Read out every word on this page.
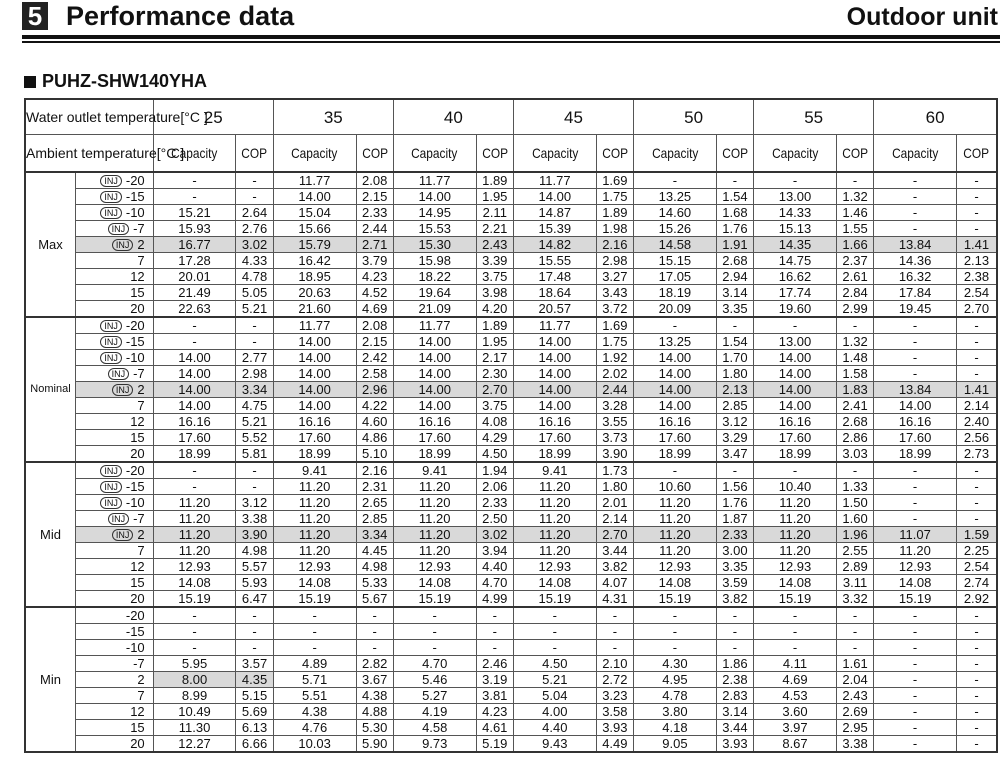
5 Performance data	Outdoor unit
PUHZ-SHW140YHA
Water outlet temperature[°C ]		25		35		40		45		50		55		60	
Ambient temperature[°C ]		Capacity	COP	Capacity	COP	Capacity	COP	Capacity	COP	Capacity	COP	Capacity	COP	Capacity	COP
Max	INJ -20	-	-	11.77	2.08	11.77	1.89	11.77	1.69	-	-	-	-	-	-
	INJ -15	-	-	14.00	2.15	14.00	1.95	14.00	1.75	13.25	1.54	13.00	1.32	-	-
	INJ -10	15.21	2.64	15.04	2.33	14.95	2.11	14.87	1.89	14.60	1.68	14.33	1.46	-	-
	INJ -7	15.93	2.76	15.66	2.44	15.53	2.21	15.39	1.98	15.26	1.76	15.13	1.55	-	-
	INJ 2	16.77	3.02	15.79	2.71	15.30	2.43	14.82	2.16	14.58	1.91	14.35	1.66	13.84	1.41
	7	17.28	4.33	16.42	3.79	15.98	3.39	15.55	2.98	15.15	2.68	14.75	2.37	14.36	2.13
	12	20.01	4.78	18.95	4.23	18.22	3.75	17.48	3.27	17.05	2.94	16.62	2.61	16.32	2.38
	15	21.49	5.05	20.63	4.52	19.64	3.98	18.64	3.43	18.19	3.14	17.74	2.84	17.84	2.54
	20	22.63	5.21	21.60	4.69	21.09	4.20	20.57	3.72	20.09	3.35	19.60	2.99	19.45	2.70
Nominal	INJ -20	-	-	11.77	2.08	11.77	1.89	11.77	1.69	-	-	-	-	-	-
	INJ -15	-	-	14.00	2.15	14.00	1.95	14.00	1.75	13.25	1.54	13.00	1.32	-	-
	INJ -10	14.00	2.77	14.00	2.42	14.00	2.17	14.00	1.92	14.00	1.70	14.00	1.48	-	-
	INJ -7	14.00	2.98	14.00	2.58	14.00	2.30	14.00	2.02	14.00	1.80	14.00	1.58	-	-
	INJ 2	14.00	3.34	14.00	2.96	14.00	2.70	14.00	2.44	14.00	2.13	14.00	1.83	13.84	1.41
	7	14.00	4.75	14.00	4.22	14.00	3.75	14.00	3.28	14.00	2.85	14.00	2.41	14.00	2.14
	12	16.16	5.21	16.16	4.60	16.16	4.08	16.16	3.55	16.16	3.12	16.16	2.68	16.16	2.40
	15	17.60	5.52	17.60	4.86	17.60	4.29	17.60	3.73	17.60	3.29	17.60	2.86	17.60	2.56
	20	18.99	5.81	18.99	5.10	18.99	4.50	18.99	3.90	18.99	3.47	18.99	3.03	18.99	2.73
Mid	INJ -20	-	-	9.41	2.16	9.41	1.94	9.41	1.73	-	-	-	-	-	-
	INJ -15	-	-	11.20	2.31	11.20	2.06	11.20	1.80	10.60	1.56	10.40	1.33	-	-
	INJ -10	11.20	3.12	11.20	2.65	11.20	2.33	11.20	2.01	11.20	1.76	11.20	1.50	-	-
	INJ -7	11.20	3.38	11.20	2.85	11.20	2.50	11.20	2.14	11.20	1.87	11.20	1.60	-	-
	INJ 2	11.20	3.90	11.20	3.34	11.20	3.02	11.20	2.70	11.20	2.33	11.20	1.96	11.07	1.59
	7	11.20	4.98	11.20	4.45	11.20	3.94	11.20	3.44	11.20	3.00	11.20	2.55	11.20	2.25
	12	12.93	5.57	12.93	4.98	12.93	4.40	12.93	3.82	12.93	3.35	12.93	2.89	12.93	2.54
	15	14.08	5.93	14.08	5.33	14.08	4.70	14.08	4.07	14.08	3.59	14.08	3.11	14.08	2.74
	20	15.19	6.47	15.19	5.67	15.19	4.99	15.19	4.31	15.19	3.82	15.19	3.32	15.19	2.92
Min	-20	-	-	-	-	-	-	-	-	-	-	-	-	-	-
	-15	-	-	-	-	-	-	-	-	-	-	-	-	-	-
	-10	-	-	-	-	-	-	-	-	-	-	-	-	-	-
	-7	5.95	3.57	4.89	2.82	4.70	2.46	4.50	2.10	4.30	1.86	4.11	1.61	-	-
	2	8.00	4.35	5.71	3.67	5.46	3.19	5.21	2.72	4.95	2.38	4.69	2.04	-	-
	7	8.99	5.15	5.51	4.38	5.27	3.81	5.04	3.23	4.78	2.83	4.53	2.43	-	-
	12	10.49	5.69	4.38	4.88	4.19	4.23	4.00	3.58	3.80	3.14	3.60	2.69	-	-
	15	11.30	6.13	4.76	5.30	4.58	4.61	4.40	3.93	4.18	3.44	3.97	2.95	-	-
	20	12.27	6.66	10.03	5.90	9.73	5.19	9.43	4.49	9.05	3.93	8.67	3.38	-	-
